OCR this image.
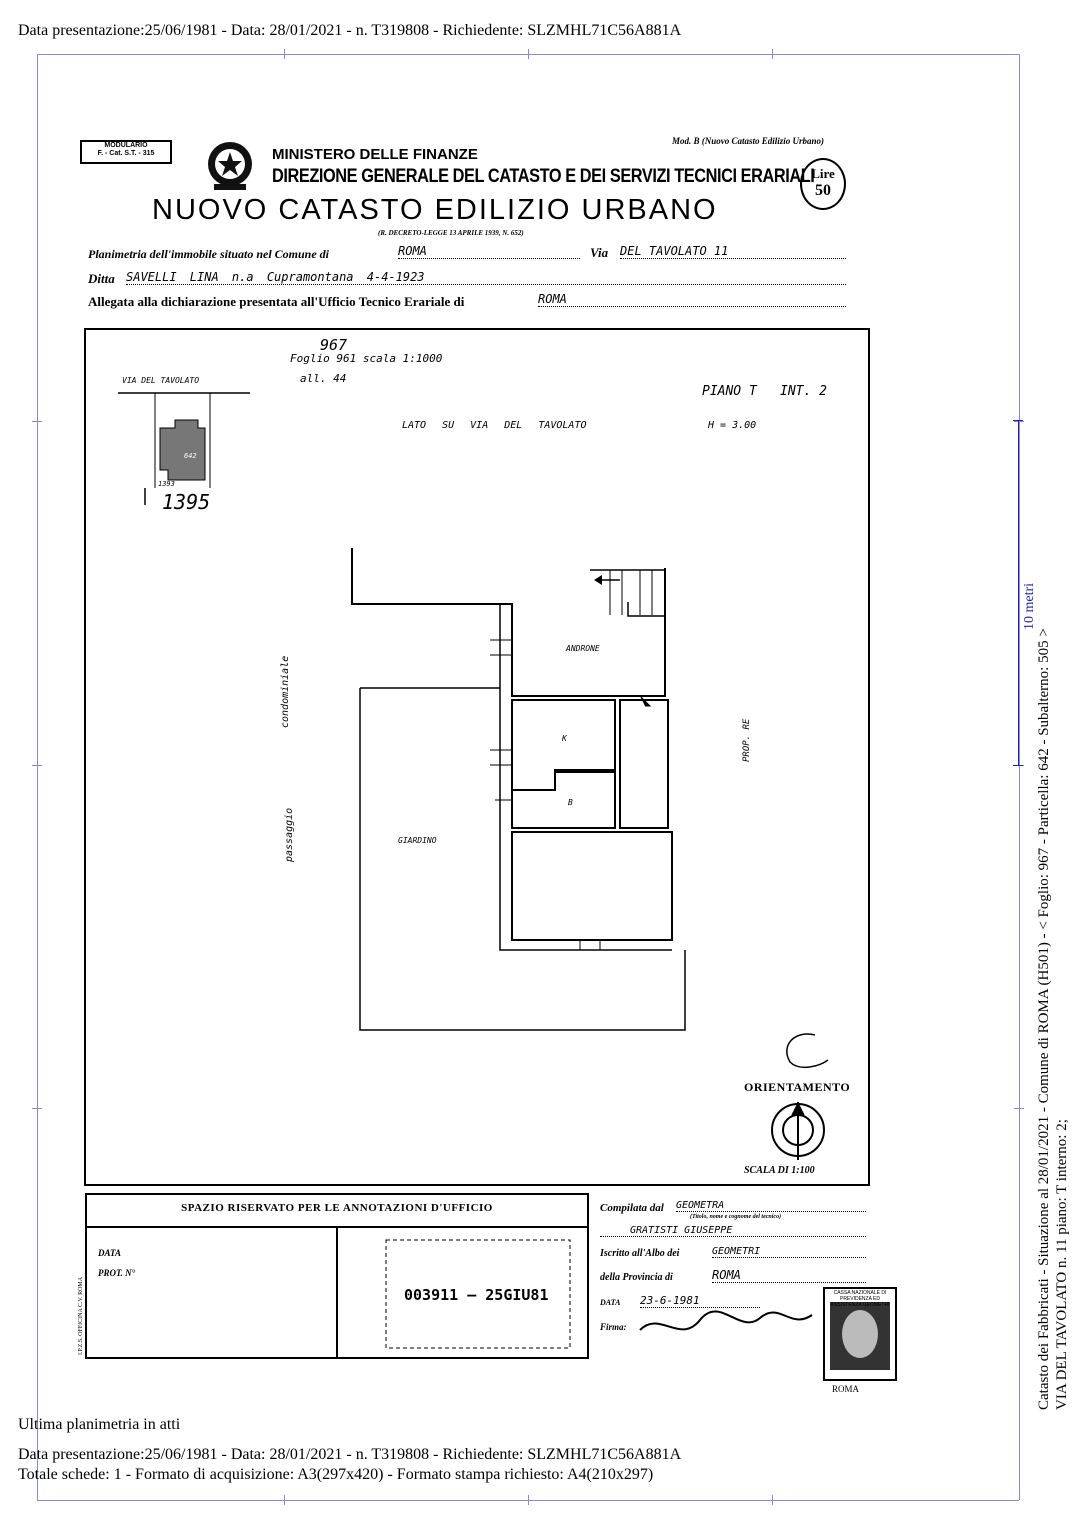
Data presentazione:25/06/1981 - Data: 28/01/2021 - n. T319808 - Richiedente: SLZMHL71C56A881A
10 metri
Catasto dei Fabbricati - Situazione al 28/01/2021 - Comune di ROMA (H501) - < Foglio: 967 - Particella: 642 - Subalterno: 505 > VIA DEL TAVOLATO n. 11 piano: T interno: 2;
MODULARIO
F. - Cat. S.T. - 315	MINISTERO DELLE FINANZE
DIREZIONE GENERALE DEL CATASTO E DEI SERVIZI TECNICI ERARIALI
Mod. B (Nuovo Catasto Edilizio Urbano)
Lire
50
NUOVO CATASTO EDILIZIO URBANO
(R. DECRETO-LEGGE 13 APRILE 1939, N. 652)
Planimetria dell'immobile situato nel Comune di	ROMA	Via DEL TAVOLATO 11
Ditta SAVELLI LINA n.a Cupramontana 4-4-1923
Allegata alla dichiarazione presentata all'Ufficio Tecnico Erariale di	ROMA
VIA DEL TAVOLATO
642
1393
1395
967
Foglio 961 scala 1:1000
all. 44
PIANO T INT. 2
H = 3.00
LATO SU VIA DEL TAVOLATO
ANDRONE
K
B
GIARDINO
condominiale
passaggio
PROP. RE
ORIENTAMENTO
SCALA DI 1:100
SPAZIO RISERVATO PER LE ANNOTAZIONI D'UFFICIO
DATA
PROT. N°
I.P.Z.S. OFFICINA C.V. ROMA	003911 — 25GIU81
Compilata dal GEOMETRA
(Titolo, nome e cognome del tecnico)
GRATISTI GIUSEPPE
Iscritto all'Albo dei	GEOMETRI
della Provincia di	ROMA
DATA 23-6-1981
Firma:
CASSA NAZIONALE DI PREVIDENZA ED ASSISTENZA GEOMETRI
ROMA
Ultima planimetria in atti
Data presentazione:25/06/1981 - Data: 28/01/2021 - n. T319808 - Richiedente: SLZMHL71C56A881A
Totale schede: 1 - Formato di acquisizione: A3(297x420) - Formato stampa richiesto: A4(210x297)
